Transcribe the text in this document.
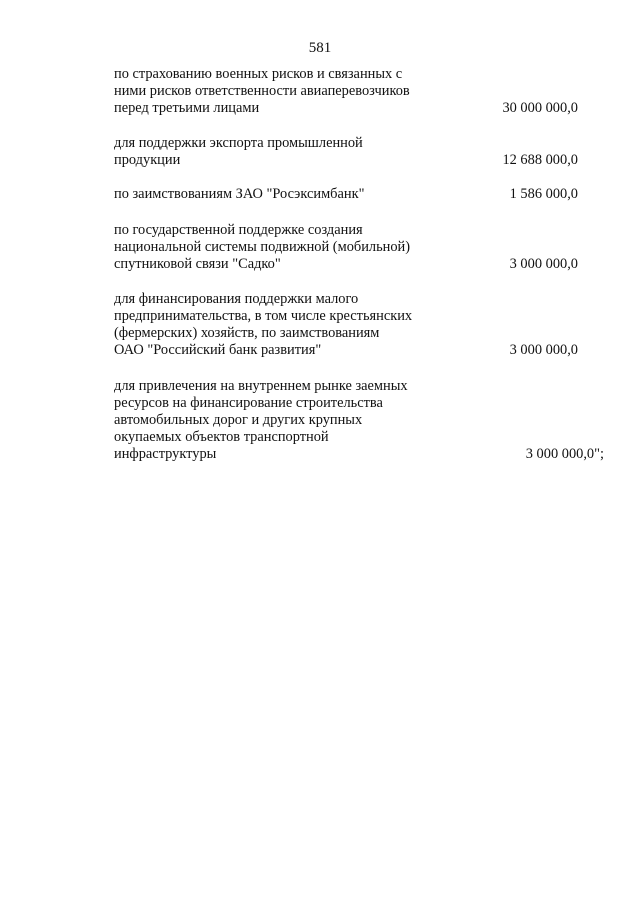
581
по страхованию военных рисков и связанных с
ними рисков ответственности авиаперевозчиков
перед третьими лицами	30 000 000,0
для поддержки экспорта промышленной
продукции	12 688 000,0
по заимствованиям ЗАО "Росэксимбанк"	1 586 000,0
по государственной поддержке создания
национальной системы подвижной (мобильной)
спутниковой связи "Садко"	3 000 000,0
для финансирования поддержки малого
предпринимательства, в том числе крестьянских
(фермерских) хозяйств, по заимствованиям
ОАО "Российский банк развития"	3 000 000,0
для привлечения на внутреннем рынке заемных
ресурсов на финансирование строительства
автомобильных дорог и других крупных
окупаемых объектов транспортной
инфраструктуры	3 000 000,0";
